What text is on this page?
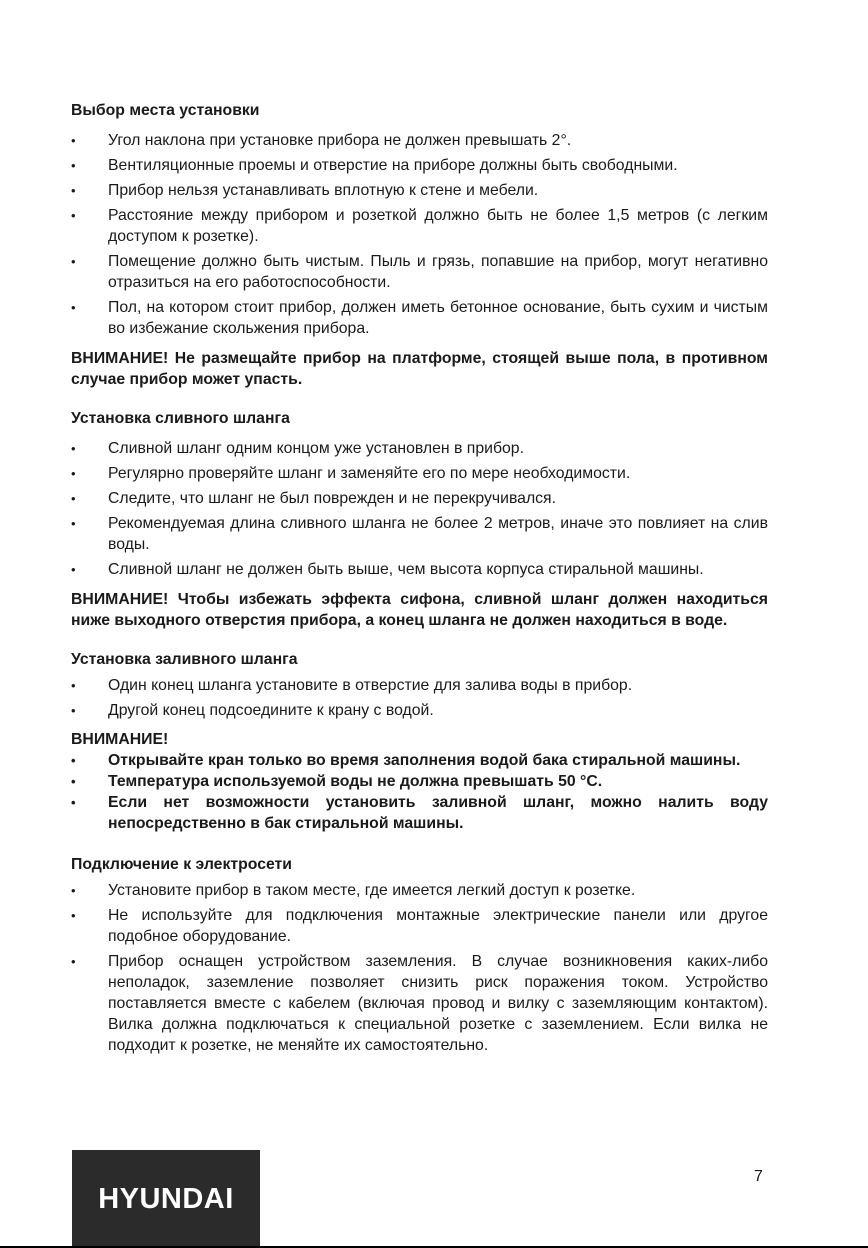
Выбор места установки
• Угол наклона при установке прибора не должен превышать 2°.
• Вентиляционные проемы и отверстие на приборе должны быть свободными.
• Прибор нельзя устанавливать вплотную к стене и мебели.
• Расстояние между прибором и розеткой должно быть не более 1,5 метров (с легким доступом к розетке).
• Помещение должно быть чистым. Пыль и грязь, попавшие на прибор, могут негативно отразиться на его работоспособности.
• Пол, на котором стоит прибор, должен иметь бетонное основание, быть сухим и чистым во избежание скольжения прибора.

ВНИМАНИЕ! Не размещайте прибор на платформе, стоящей выше пола, в противном случае прибор может упасть.

Установка сливного шланга
• Сливной шланг одним концом уже установлен в прибор.
• Регулярно проверяйте шланг и заменяйте его по мере необходимости.
• Следите, что шланг не был поврежден и не перекручивался.
• Рекомендуемая длина сливного шланга не более 2 метров, иначе это повлияет на слив воды.
• Сливной шланг не должен быть выше, чем высота корпуса стиральной машины.

ВНИМАНИЕ! Чтобы избежать эффекта сифона, сливной шланг должен находиться ниже выходного отверстия прибора, а конец шланга не должен находиться в воде.

Установка заливного шланга
• Один конец шланга установите в отверстие для залива воды в прибор.
• Другой конец подсоедините к крану с водой.

ВНИМАНИЕ!

• Открывайте кран только во время заполнения водой бака стиральной машины.
• Температура используемой воды не должна превышать 50 °С.
• Если нет возможности установить заливной шланг, можно налить воду непосредственно в бак стиральной машины.
Подключение к электросети
• Установите прибор в таком месте, где имеется легкий доступ к розетке.
• Не используйте для подключения монтажные электрические панели или другое подобное оборудование.
• Прибор оснащен устройством заземления. В случае возникновения каких-либо неполадок, заземление позволяет снизить риск поражения током. Устройство поставляется вместе с кабелем (включая провод и вилку с заземляющим контактом). Вилка должна подключаться к специальной розетке с заземлением. Если вилка не подходит к розетке, не меняйте их самостоятельно.
HYUNDAI
7
